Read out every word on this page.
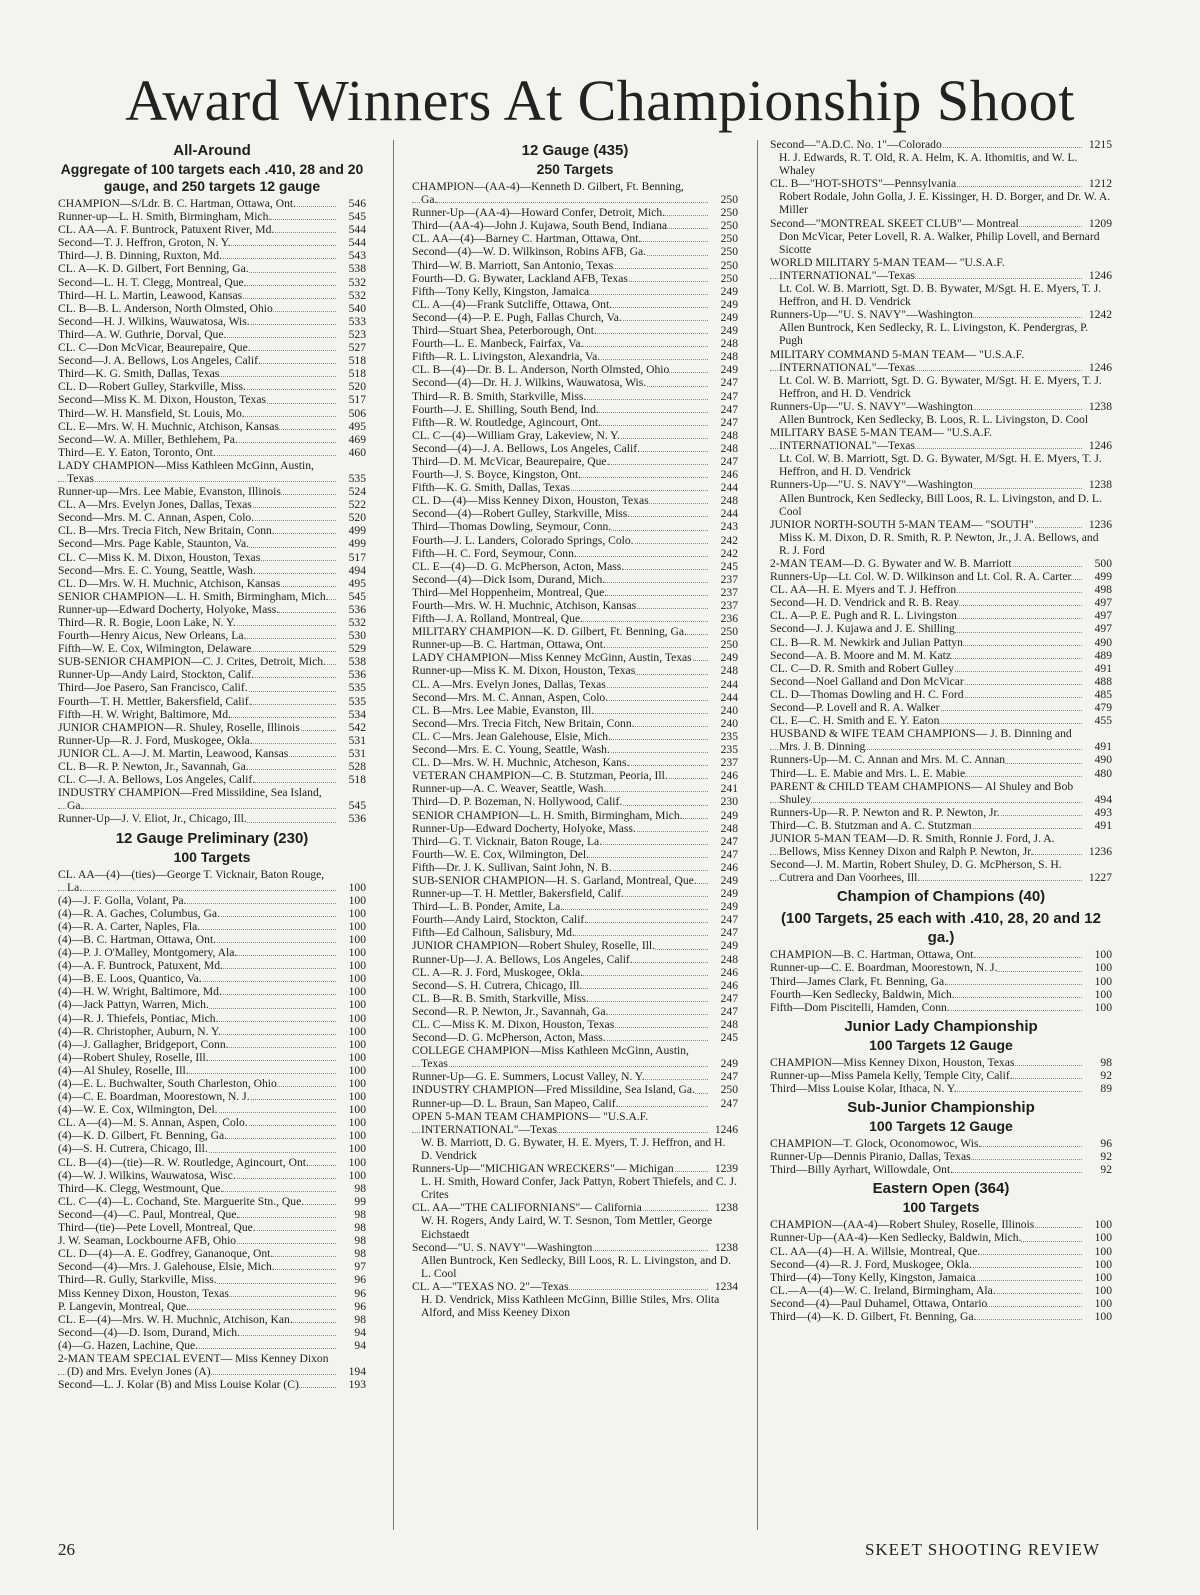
Award Winners At Championship Shoot
All-Around
Aggregate of 100 targets each .410, 28 and 20 gauge, and 250 targets 12 gauge
CHAMPION—S/Ldr. B. C. Hartman, Ottawa, Ont.	546
Runner-up—L. H. Smith, Birmingham, Mich.	545
CL. AA—A. F. Buntrock, Patuxent River, Md.	544
Second—T. J. Heffron, Groton, N. Y.	544
Third—J. B. Dinning, Ruxton, Md.	543
CL. A—K. D. Gilbert, Fort Benning, Ga.	538
Second—L. H. T. Clegg, Montreal, Que.	532
Third—H. L. Martin, Leawood, Kansas	532
CL. B—B. L. Anderson, North Olmsted, Ohio	540
Second—H. J. Wilkins, Wauwatosa, Wis.	533
Third—A. W. Guthrie, Dorval, Que.	523
CL. C—Don McVicar, Beaurepaire, Que.	527
Second—J. A. Bellows, Los Angeles, Calif.	518
Third—K. G. Smith, Dallas, Texas	518
CL. D—Robert Gulley, Starkville, Miss.	520
Second—Miss K. M. Dixon, Houston, Texas	517
Third—W. H. Mansfield, St. Louis, Mo.	506
CL. E—Mrs. W. H. Muchnic, Atchison, Kansas	495
Second—W. A. Miller, Bethlehem, Pa.	469
Third—E. Y. Eaton, Toronto, Ont.	460
LADY CHAMPION—Miss Kathleen McGinn, Austin, Texas	535
Runner-up—Mrs. Lee Mabie, Evanston, Illinois	524
CL. A—Mrs. Evelyn Jones, Dallas, Texas	522
Second—Mrs. M. C. Annan, Aspen, Colo.	520
CL. B—Mrs. Trecia Fitch, New Britain, Conn.	499
Second—Mrs. Page Kable, Staunton, Va.	499
CL. C—Miss K. M. Dixon, Houston, Texas	517
Second—Mrs. E. C. Young, Seattle, Wash.	494
CL. D—Mrs. W. H. Muchnic, Atchison, Kansas	495
SENIOR CHAMPION—L. H. Smith, Birmingham, Mich.	545
Runner-up—Edward Docherty, Holyoke, Mass.	536
Third—R. R. Bogie, Loon Lake, N. Y.	532
Fourth—Henry Aicus, New Orleans, La.	530
Fifth—W. E. Cox, Wilmington, Delaware	529
SUB-SENIOR CHAMPION—C. J. Crites, Detroit, Mich.	538
Runner-Up—Andy Laird, Stockton, Calif.	536
Third—Joe Pasero, San Francisco, Calif.	535
Fourth—T. H. Mettler, Bakersfield, Calif.	535
Fifth—H. W. Wright, Baltimore, Md.	534
JUNIOR CHAMPION—R. Shuley, Roselle, Illinois	542
Runner-Up—R. J. Ford, Muskogee, Okla.	531
JUNIOR CL. A—J. M. Martin, Leawood, Kansas	531
CL. B—R. P. Newton, Jr., Savannah, Ga.	528
CL. C—J. A. Bellows, Los Angeles, Calif.	518
INDUSTRY CHAMPION—Fred Missildine, Sea Island, Ga.	545
Runner-Up—J. V. Eliot, Jr., Chicago, Ill.	536
12 Gauge Preliminary (230)
100 Targets
CL. AA—(4)—(ties)—George T. Vicknair, Baton Rouge, La.	100
(4)—J. F. Golla, Volant, Pa.	100
(4)—R. A. Gaches, Columbus, Ga.	100
(4)—R. A. Carter, Naples, Fla.	100
(4)—B. C. Hartman, Ottawa, Ont.	100
(4)—P. J. O'Malley, Montgomery, Ala.	100
(4)—A. F. Buntrock, Patuxent, Md.	100
(4)—B. E. Loos, Quantico, Va.	100
(4)—H. W. Wright, Baltimore, Md.	100
(4)—Jack Pattyn, Warren, Mich.	100
(4)—R. J. Thiefels, Pontiac, Mich.	100
(4)—R. Christopher, Auburn, N. Y.	100
(4)—J. Gallagher, Bridgeport, Conn.	100
(4)—Robert Shuley, Roselle, Ill.	100
(4)—Al Shuley, Roselle, Ill.	100
(4)—E. L. Buchwalter, South Charleston, Ohio	100
(4)—C. E. Boardman, Moorestown, N. J.	100
(4)—W. E. Cox, Wilmington, Del.	100
CL. A—(4)—M. S. Annan, Aspen, Colo.	100
(4)—K. D. Gilbert, Ft. Benning, Ga.	100
(4)—S. H. Cutrera, Chicago, Ill.	100
CL. B—(4)—(tie)—R. W. Routledge, Agincourt, Ont.	100
(4)—W. J. Wilkins, Wauwatosa, Wisc.	100
Third—K. Clegg, Westmount, Que.	98
CL. C—(4)—L. Cochand, Ste. Marguerite Stn., Que.	99
Second—(4)—C. Paul, Montreal, Que.	98
Third—(tie)—Pete Lovell, Montreal, Que.	98
J. W. Seaman, Lockbourne AFB, Ohio	98
CL. D—(4)—A. E. Godfrey, Gananoque, Ont.	98
Second—(4)—Mrs. J. Galehouse, Elsie, Mich.	97
Third—R. Gully, Starkville, Miss.	96
Miss Kenney Dixon, Houston, Texas	96
P. Langevin, Montreal, Que.	96
CL. E—(4)—Mrs. W. H. Muchnic, Atchison, Kan.	98
Second—(4)—D. Isom, Durand, Mich.	94
(4)—G. Hazen, Lachine, Que.	94
2-MAN TEAM SPECIAL EVENT— Miss Kenney Dixon (D) and Mrs. Evelyn Jones (A)	194
Second—L. J. Kolar (B) and Miss Louise Kolar (C)	193
12 Gauge (435)
250 Targets
CHAMPION—(AA-4)—Kenneth D. Gilbert, Ft. Benning, Ga.	250
Runner-Up—(AA-4)—Howard Confer, Detroit, Mich.	250
Third—(AA-4)—John J. Kujawa, South Bend, Indiana	250
CL. AA—(4)—Barney C. Hartman, Ottawa, Ont.	250
Second—(4)—W. D. Wilkinson, Robins AFB, Ga.	250
Third—W. B. Marriott, San Antonio, Texas	250
Fourth—D. G. Bywater, Lackland AFB, Texas	250
Fifth—Tony Kelly, Kingston, Jamaica	249
CL. A—(4)—Frank Sutcliffe, Ottawa, Ont.	249
Second—(4)—P. E. Pugh, Fallas Church, Va.	249
Third—Stuart Shea, Peterborough, Ont.	249
Fourth—L. E. Manbeck, Fairfax, Va.	248
Fifth—R. L. Livingston, Alexandria, Va.	248
CL. B—(4)—Dr. B. L. Anderson, North Olmsted, Ohio	249
Second—(4)—Dr. H. J. Wilkins, Wauwatosa, Wis.	247
Third—R. B. Smith, Starkville, Miss.	247
Fourth—J. E. Shilling, South Bend, Ind.	247
Fifth—R. W. Routledge, Agincourt, Ont.	247
CL. C—(4)—William Gray, Lakeview, N. Y.	248
Second—(4)—J. A. Bellows, Los Angeles, Calif.	248
Third—D. M. McVicar, Beaurepaire, Que.	247
Fourth—J. S. Boyce, Kingston, Ont.	246
Fifth—K. G. Smith, Dallas, Texas	244
CL. D—(4)—Miss Kenney Dixon, Houston, Texas	248
Second—(4)—Robert Gulley, Starkville, Miss.	244
Third—Thomas Dowling, Seymour, Conn.	243
Fourth—J. L. Landers, Colorado Springs, Colo.	242
Fifth—H. C. Ford, Seymour, Conn.	242
CL. E—(4)—D. G. McPherson, Acton, Mass.	245
Second—(4)—Dick Isom, Durand, Mich.	237
Third—Mel Hoppenheim, Montreal, Que.	237
Fourth—Mrs. W. H. Muchnic, Atchison, Kansas	237
Fifth—J. A. Rolland, Montreal, Que.	236
MILITARY CHAMPION—K. D. Gilbert, Ft. Benning, Ga.	250
Runner-up—B. C. Hartman, Ottawa, Ont.	250
LADY CHAMPION—Miss Kenney McGinn, Austin, Texas	249
Runner-up—Miss K. M. Dixon, Houston, Texas	248
CL. A—Mrs. Evelyn Jones, Dallas, Texas	244
Second—Mrs. M. C. Annan, Aspen, Colo.	244
CL. B—Mrs. Lee Mabie, Evanston, Ill.	240
Second—Mrs. Trecia Fitch, New Britain, Conn.	240
CL. C—Mrs. Jean Galehouse, Elsie, Mich.	235
Second—Mrs. E. C. Young, Seattle, Wash.	235
CL. D—Mrs. W. H. Muchnic, Atcheson, Kans.	237
VETERAN CHAMPION—C. B. Stutzman, Peoria, Ill.	246
Runner-up—A. C. Weaver, Seattle, Wash.	241
Third—D. P. Bozeman, N. Hollywood, Calif.	230
SENIOR CHAMPION—L. H. Smith, Birmingham, Mich.	249
Runner-Up—Edward Docherty, Holyoke, Mass.	248
Third—G. T. Vicknair, Baton Rouge, La.	247
Fourth—W. E. Cox, Wilmington, Del.	247
Fifth—Dr. J. K. Sullivan, Saint John, N. B.	246
SUB-SENIOR CHAMPION—H. S. Garland, Montreal, Que.	249
Runner-up—T. H. Mettler, Bakersfield, Calif.	249
Third—L. B. Ponder, Amite, La.	249
Fourth—Andy Laird, Stockton, Calif.	247
Fifth—Ed Calhoun, Salisbury, Md.	247
JUNIOR CHAMPION—Robert Shuley, Roselle, Ill.	249
Runner-Up—J. A. Bellows, Los Angeles, Calif.	248
CL. A—R. J. Ford, Muskogee, Okla.	246
Second—S. H. Cutrera, Chicago, Ill.	246
CL. B—R. B. Smith, Starkville, Miss.	247
Second—R. P. Newton, Jr., Savannah, Ga.	247
CL. C—Miss K. M. Dixon, Houston, Texas	248
Second—D. G. McPherson, Acton, Mass.	245
COLLEGE CHAMPION—Miss Kathleen McGinn, Austin, Texas	249
Runner-Up—G. E. Summers, Locust Valley, N. Y.	247
INDUSTRY CHAMPION—Fred Missildine, Sea Island, Ga.	250
Runner-up—D. L. Braun, San Mapeo, Calif.	247
OPEN 5-MAN TEAM CHAMPIONS— "U.S.A.F. INTERNATIONAL"—Texas	1246
W. B. Marriott, D. G. Bywater, H. E. Myers, T. J. Heffron, and H. D. Vendrick
Runners-Up—"MICHIGAN WRECKERS"— Michigan	1239
L. H. Smith, Howard Confer, Jack Pattyn, Robert Thiefels, and C. J. Crites
CL. AA—"THE CALIFORNIANS"— California	1238
W. H. Rogers, Andy Laird, W. T. Sesnon, Tom Mettler, George Eichstaedt
Second—"U. S. NAVY"—Washington	1238
Allen Buntrock, Ken Sedlecky, Bill Loos, R. L. Livingston, and D. L. Cool
CL. A—"TEXAS NO. 2"—Texas	1234
H. D. Vendrick, Miss Kathleen McGinn, Billie Stiles, Mrs. Olita Alford, and Miss Keeney Dixon
Second—"A.D.C. No. 1"—Colorado	1215
H. J. Edwards, R. T. Old, R. A. Helm, K. A. Ithomitis, and W. L. Whaley
CL. B—"HOT-SHOTS"—Pennsylvania	1212
Robert Rodale, John Golla, J. E. Kissinger, H. D. Borger, and Dr. W. A. Miller
Second—"MONTREAL SKEET CLUB"— Montreal	1209
Don McVicar, Peter Lovell, R. A. Walker, Philip Lovell, and Bernard Sicotte
WORLD MILITARY 5-MAN TEAM— "U.S.A.F. INTERNATIONAL"—Texas	1246
Lt. Col. W. B. Marriott, Sgt. D. B. Bywater, M/Sgt. H. E. Myers, T. J. Heffron, and H. D. Vendrick
Runners-Up—"U. S. NAVY"—Washington	1242
Allen Buntrock, Ken Sedlecky, R. L. Livingston, K. Pendergras, P. Pugh
MILITARY COMMAND 5-MAN TEAM— "U.S.A.F. INTERNATIONAL"—Texas	1246
Lt. Col. W. B. Marriott, Sgt. D. G. Bywater, M/Sgt. H. E. Myers, T. J. Heffron, and H. D. Vendrick
Runners-Up—"U. S. NAVY"—Washington	1238
Allen Buntrock, Ken Sedlecky, B. Loos, R. L. Livingston, D. Cool
MILITARY BASE 5-MAN TEAM— "U.S.A.F. INTERNATIONAL"—Texas	1246
Lt. Col. W. B. Marriott, Sgt. D. G. Bywater, M/Sgt. H. E. Myers, T. J. Heffron, and H. D. Vendrick
Runners-Up—"U. S. NAVY"—Washington	1238
Allen Buntrock, Ken Sedlecky, Bill Loos, R. L. Livingston, and D. L. Cool
JUNIOR NORTH-SOUTH 5-MAN TEAM— "SOUTH"	1236
Miss K. M. Dixon, D. R. Smith, R. P. Newton, Jr., J. A. Bellows, and R. J. Ford
2-MAN TEAM—D. G. Bywater and W. B. Marriott	500
Runners-Up—Lt. Col. W. D. Wilkinson and Lt. Col. R. A. Carter	499
CL. AA—H. E. Myers and T. J. Heffron	498
Second—H. D. Vendrick and R. B. Reay	497
CL. A—P. E. Pugh and R. L. Livingston	497
Second—J. J. Kujawa and J. E. Shilling	497
CL. B—R. M. Newkirk and Julian Pattyn	490
Second—A. B. Moore and M. M. Katz	489
CL. C—D. R. Smith and Robert Gulley	491
Second—Noel Galland and Don McVicar	488
CL. D—Thomas Dowling and H. C. Ford	485
Second—P. Lovell and R. A. Walker	479
CL. E—C. H. Smith and E. Y. Eaton	455
HUSBAND & WIFE TEAM CHAMPIONS— J. B. Dinning and Mrs. J. B. Dinning	491
Runners-Up—M. C. Annan and Mrs. M. C. Annan	490
Third—L. E. Mabie and Mrs. L. E. Mabie	480
PARENT & CHILD TEAM CHAMPIONS— Al Shuley and Bob Shuley	494
Runners-Up—R. P. Newton and R. P. Newton, Jr.	493
Third—C. B. Stutzman and A. C. Stutzman	491
JUNIOR 5-MAN TEAM—D. R. Smith, Ronnie J. Ford, J. A. Bellows, Miss Kenney Dixon and Ralph P. Newton, Jr.	1236
Second—J. M. Martin, Robert Shuley, D. G. McPherson, S. H. Cutrera and Dan Voorhees, Ill.	1227
Champion of Champions (40)
(100 Targets, 25 each with .410, 28, 20 and 12 ga.)
CHAMPION—B. C. Hartman, Ottawa, Ont.	100
Runner-up—C. E. Boardman, Moorestown, N. J.	100
Third—James Clark, Ft. Benning, Ga.	100
Fourth—Ken Sedlecky, Baldwin, Mich.	100
Fifth—Dom Piscitelli, Hamden, Conn.	100
Junior Lady Championship
100 Targets 12 Gauge
CHAMPION—Miss Kenney Dixon, Houston, Texas	98
Runner-up—Miss Pamela Kelly, Temple City, Calif.	92
Third—Miss Louise Kolar, Ithaca, N. Y.	89
Sub-Junior Championship
100 Targets 12 Gauge
CHAMPION—T. Glock, Oconomowoc, Wis.	96
Runner-Up—Dennis Piranio, Dallas, Texas	92
Third—Billy Ayrhart, Willowdale, Ont.	92
Eastern Open (364)
100 Targets
CHAMPION—(AA-4)—Robert Shuley, Roselle, Illinois	100
Runner-Up—(AA-4)—Ken Sedlecky, Baldwin, Mich.	100
CL. AA—(4)—H. A. Willsie, Montreal, Que.	100
Second—(4)—R. J. Ford, Muskogee, Okla.	100
Third—(4)—Tony Kelly, Kingston, Jamaica	100
CL.—A—(4)—W. C. Ireland, Birmingham, Ala.	100
Second—(4)—Paul Duhamel, Ottawa, Ontario	100
Third—(4)—K. D. Gilbert, Ft. Benning, Ga.	100
26	SKEET SHOOTING REVIEW
